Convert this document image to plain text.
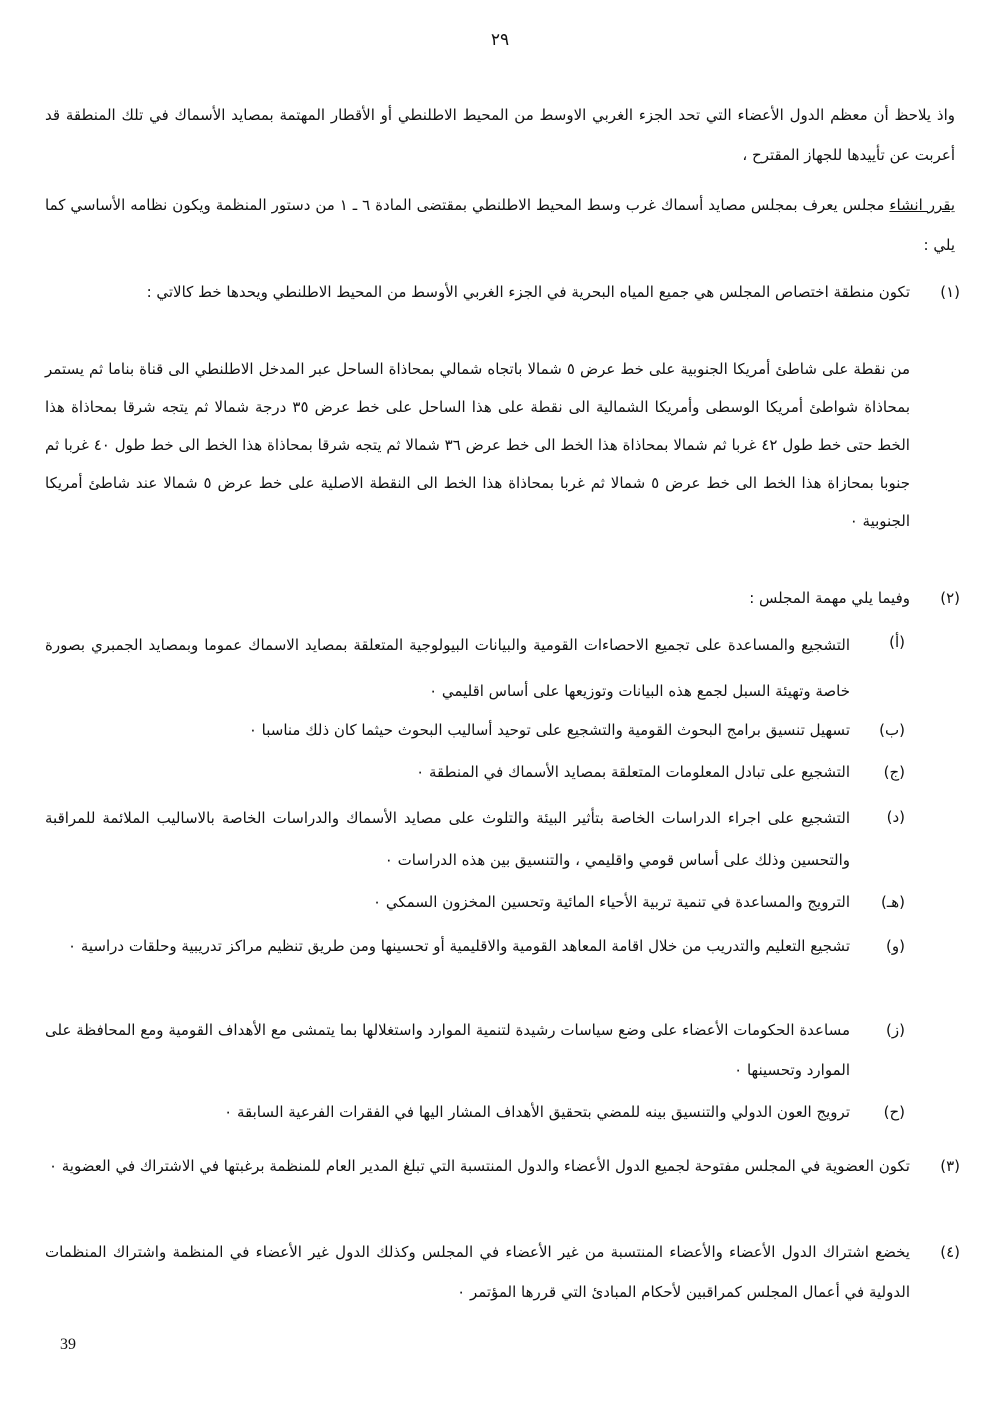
٢٩
واذ يلاحظ أن معظم الدول الأعضاء التي تحد الجزء الغربي الاوسط من المحيط الاطلنطي أو الأقطار المهتمة بمصايد الأسماك في تلك المنطقة قد أعربت عن تأييدها للجهاز المقترح ،
يقرر انشاء مجلس يعرف بمجلس مصايد أسماك غرب وسط المحيط الاطلنطي بمقتضى المادة ٦ ـ ١ من دستور المنظمة ويكون نظامه الأساسي كما يلي :
(١)
تكون منطقة اختصاص المجلس هي جميع المياه البحرية في الجزء الغربي الأوسط من المحيط الاطلنطي ويحدها خط كالاتي :
من نقطة على شاطئ أمريكا الجنوبية على خط عرض ٥ شمالا باتجاه شمالي بمحاذاة الساحل عبر المدخل الاطلنطي الى قناة بناما ثم يستمر بمحاذاة شواطئ أمريكا الوسطى وأمريكا الشمالية الى نقطة على هذا الساحل على خط عرض ٣٥ درجة شمالا ثم يتجه شرقا بمحاذاة هذا الخط حتى خط طول ٤٢ غربا ثم شمالا بمحاذاة هذا الخط الى خط عرض ٣٦ شمالا ثم يتجه شرقا بمحاذاة هذا الخط الى خط طول ٤٠ غربا ثم جنوبا بمحازاة هذا الخط الى خط عرض ٥ شمالا ثم غربا بمحاذاة هذا الخط الى النقطة الاصلية على خط عرض ٥ شمالا عند شاطئ أمريكا الجنوبية ٠
(٢)
وفيما يلي مهمة المجلس :
(أ)
التشجيع والمساعدة على تجميع الاحصاءات القومية والبيانات البيولوجية المتعلقة بمصايد الاسماك عموما وبمصايد الجمبري بصورة خاصة وتهيئة السبل لجمع هذه البيانات وتوزيعها على أساس اقليمي ٠
(ب)
تسهيل تنسيق برامج البحوث القومية والتشجيع على توحيد أساليب البحوث حيثما كان ذلك مناسبا ٠
(ج)
التشجيع على تبادل المعلومات المتعلقة بمصايد الأسماك في المنطقة ٠
(د)
التشجيع على اجراء الدراسات الخاصة بتأثير البيئة والتلوث على مصايد الأسماك والدراسات الخاصة بالاساليب الملائمة للمراقبة والتحسين وذلك على أساس قومي واقليمي ، والتنسيق بين هذه الدراسات ٠
(هـ)
الترويج والمساعدة في تنمية تربية الأحياء المائية وتحسين المخزون السمكي ٠
(و)
تشجيع التعليم والتدريب من خلال اقامة المعاهد القومية والاقليمية أو تحسينها ومن طريق تنظيم مراكز تدريبية وحلقات دراسية ٠
(ز)
مساعدة الحكومات الأعضاء على وضع سياسات رشيدة لتنمية الموارد واستغلالها بما يتمشى مع الأهداف القومية ومع المحافظة على الموارد وتحسينها ٠
(ح)
ترويج العون الدولي والتنسيق بينه للمضي بتحقيق الأهداف المشار اليها في الفقرات الفرعية السابقة ٠
(٣)
تكون العضوية في المجلس مفتوحة لجميع الدول الأعضاء والدول المنتسبة التي تبلغ المدير العام للمنظمة برغبتها في الاشتراك في العضوية ٠
(٤)
يخضع اشتراك الدول الأعضاء والأعضاء المنتسبة من غير الأعضاء في المجلس وكذلك الدول غير الأعضاء في المنظمة واشتراك المنظمات الدولية في أعمال المجلس كمراقبين لأحكام المبادئ التي قررها المؤتمر ٠
39
